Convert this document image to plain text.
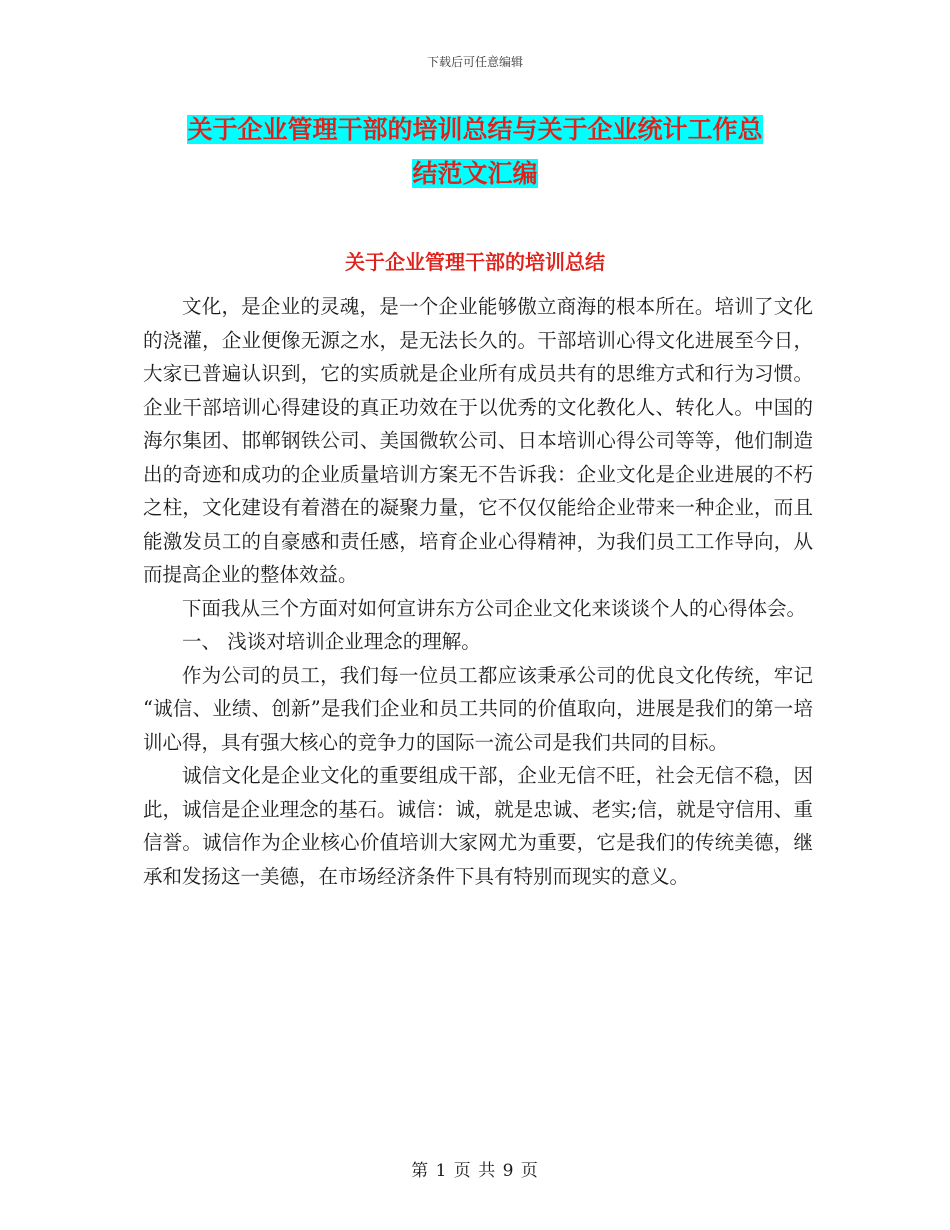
下载后可任意编辑
关于企业管理干部的培训总结与关于企业统计工作总
结范文汇编
关于企业管理干部的培训总结

文化，是企业的灵魂，是一个企业能够傲立商海的根本所在。培训了文化的浇灌，企业便像无源之水，是无法长久的。干部培训心得文化进展至今日，大家已普遍认识到，它的实质就是企业所有成员共有的思维方式和行为习惯。企业干部培训心得建设的真正功效在于以优秀的文化教化人、转化人。中国的海尔集团、邯郸钢铁公司、美国微软公司、日本培训心得公司等等，他们制造出的奇迹和成功的企业质量培训方案无不告诉我：企业文化是企业进展的不朽之柱，文化建设有着潜在的凝聚力量，它不仅仅能给企业带来一种企业，而且能激发员工的自豪感和责任感，培育企业心得精神，为我们员工工作导向，从而提高企业的整体效益。

下面我从三个方面对如何宣讲东方公司企业文化来谈谈个人的心得体会。

一、 浅谈对培训企业理念的理解。

作为公司的员工，我们每一位员工都应该秉承公司的优良文化传统，牢记 “诚信、业绩、创新”是我们企业和员工共同的价值取向，进展是我们的第一培训心得，具有强大核心的竞争力的国际一流公司是我们共同的目标。

诚信文化是企业文化的重要组成干部，企业无信不旺，社会无信不稳，因此，诚信是企业理念的基石。诚信：诚，就是忠诚、老实;信，就是守信用、重信誉。诚信作为企业核心价值培训大家网尤为重要，它是我们的传统美德，继承和发扬这一美德，在市场经济条件下具有特别而现实的意义。

第 1 页 共 9 页
